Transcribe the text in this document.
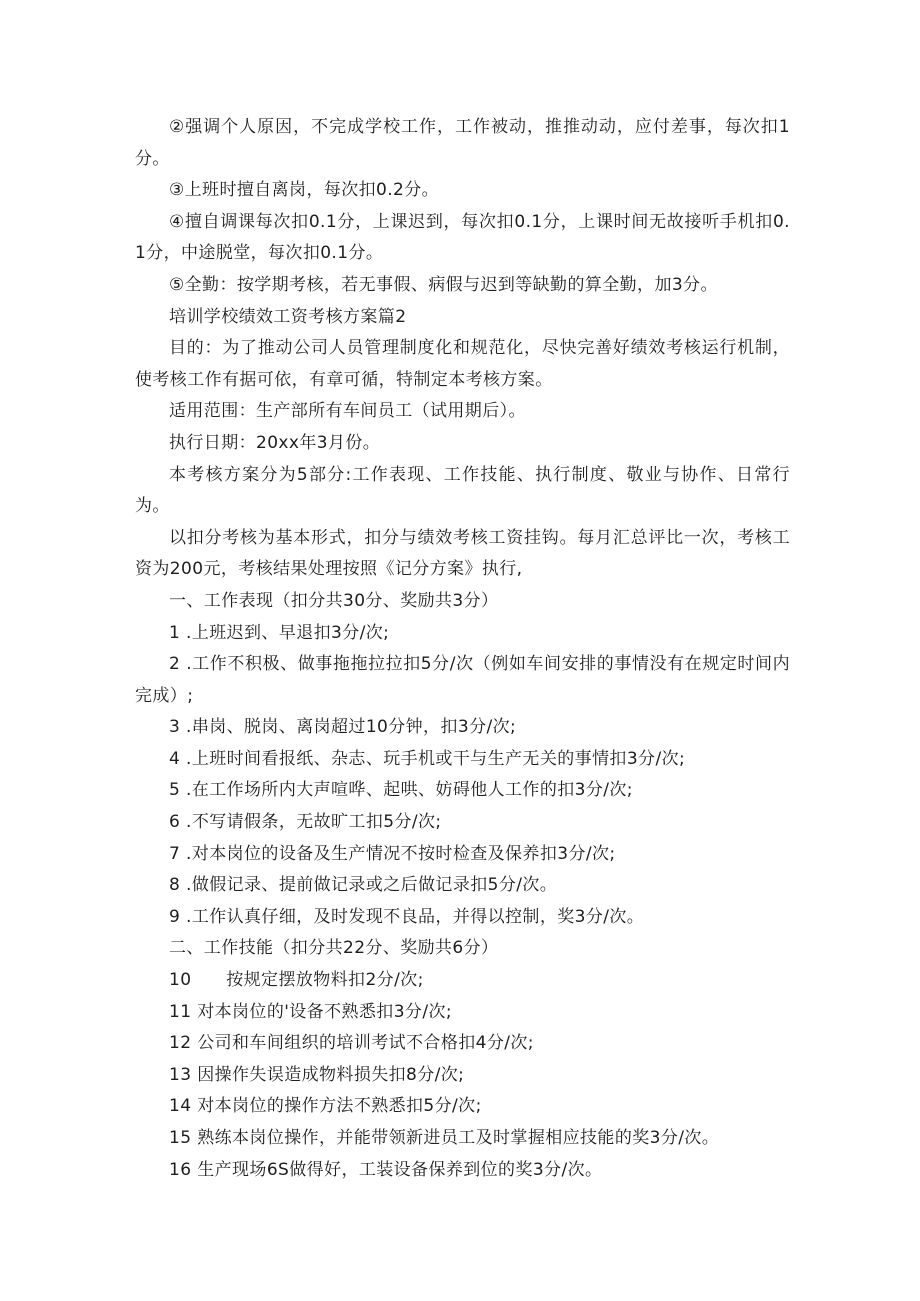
②强调个人原因，不完成学校工作，工作被动，推推动动，应付差事，每次扣1分。

③上班时擅自离岗，每次扣0.2分。

④擅自调课每次扣0.1分，上课迟到，每次扣0.1分，上课时间无故接听手机扣0.1分，中途脱堂，每次扣0.1分。

⑤全勤：按学期考核，若无事假、病假与迟到等缺勤的算全勤，加3分。

培训学校绩效工资考核方案篇2

目的：为了推动公司人员管理制度化和规范化，尽快完善好绩效考核运行机制，使考核工作有据可依，有章可循，特制定本考核方案。

适用范围：生产部所有车间员工（试用期后）。

执行日期：20xx年3月份。

本考核方案分为5部分:工作表现、工作技能、执行制度、敬业与协作、日常行为。

以扣分考核为基本形式，扣分与绩效考核工资挂钩。每月汇总评比一次，考核工资为200元，考核结果处理按照《记分方案》执行,

一、工作表现（扣分共30分、奖励共3分）

1 .上班迟到、早退扣3分/次;

2 .工作不积极、做事拖拖拉拉扣5分/次（例如车间安排的事情没有在规定时间内完成）;

3 .串岗、脱岗、离岗超过10分钟，扣3分/次;

4 .上班时间看报纸、杂志、玩手机或干与生产无关的事情扣3分/次;

5 .在工作场所内大声喧哗、起哄、妨碍他人工作的扣3分/次;

6 .不写请假条，无故旷工扣5分/次;

7 .对本岗位的设备及生产情况不按时检查及保养扣3分/次;

8 .做假记录、提前做记录或之后做记录扣5分/次。

9 .工作认真仔细，及时发现不良品，并得以控制，奖3分/次。

二、工作技能（扣分共22分、奖励共6分）

10      按规定摆放物料扣2分/次;

11 对本岗位的'设备不熟悉扣3分/次;

12 公司和车间组织的培训考试不合格扣4分/次;

13 因操作失误造成物料损失扣8分/次;

14 对本岗位的操作方法不熟悉扣5分/次;

15 熟练本岗位操作，并能带领新进员工及时掌握相应技能的奖3分/次。

16 生产现场6S做得好，工装设备保养到位的奖3分/次。
